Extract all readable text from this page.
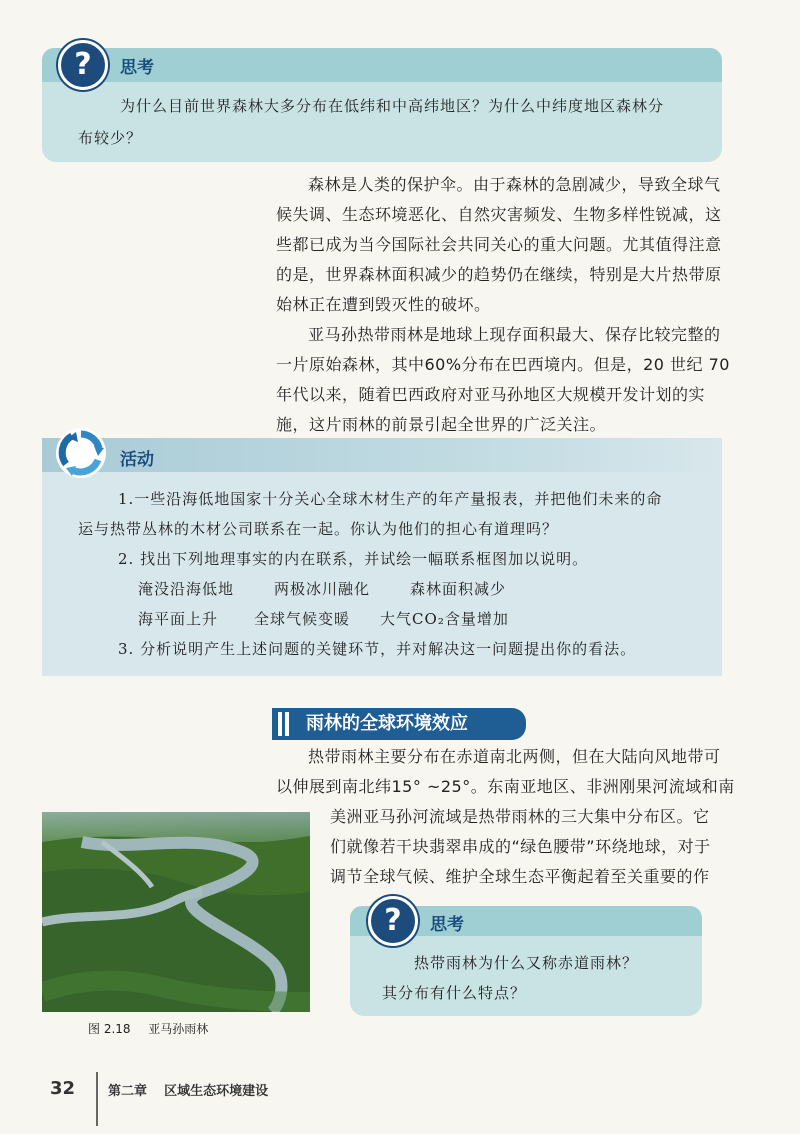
思考
为什么目前世界森林大多分布在低纬和中高纬地区？为什么中纬度地区森林分
布较少？
?
森林是人类的保护伞。由于森林的急剧减少，导致全球气
候失调、生态环境恶化、自然灾害频发、生物多样性锐减，这
些都已成为当今国际社会共同关心的重大问题。尤其值得注意
的是，世界森林面积减少的趋势仍在继续，特别是大片热带原
始林正在遭到毁灭性的破坏。
亚马孙热带雨林是地球上现存面积最大、保存比较完整的
一片原始森林，其中60%分布在巴西境内。但是，20 世纪 70
年代以来，随着巴西政府对亚马孙地区大规模开发计划的实
施，这片雨林的前景引起全世界的广泛关注。
活动
1.一些沿海低地国家十分关心全球木材生产的年产量报表，并把他们未来的命
运与热带丛林的木材公司联系在一起。你认为他们的担心有道理吗？
2. 找出下列地理事实的内在联系，并试绘一幅联系框图加以说明。
淹没沿海低地	两极冰川融化	森林面积减少
海平面上升 全球气候变暖 大气CO₂含量增加
3. 分析说明产生上述问题的关键环节，并对解决这一问题提出你的看法。
雨林的全球环境效应
热带雨林主要分布在赤道南北两侧，但在大陆向风地带可
以伸展到南北纬15° ~25°。东南亚地区、非洲刚果河流域和南
美洲亚马孙河流域是热带雨林的三大集中分布区。它
们就像若干块翡翠串成的“绿色腰带”环绕地球，对于
调节全球气候、维护全球生态平衡起着至关重要的作
图 2.18 亚马孙雨林
思考
热带雨林为什么又称赤道雨林？
其分布有什么特点？
?
32	第二章 区域生态环境建设
